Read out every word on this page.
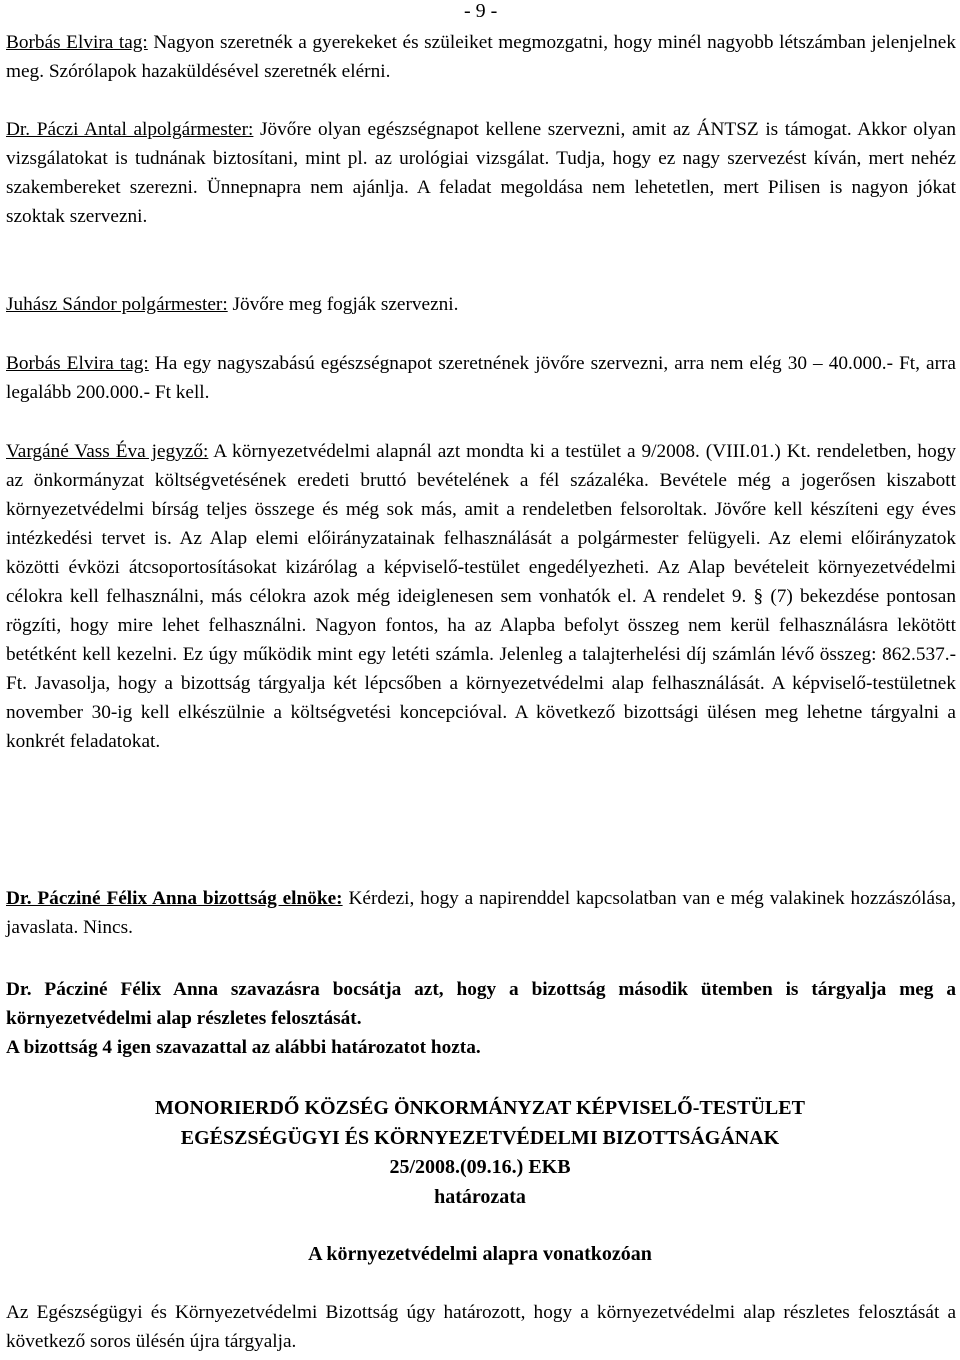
- 9 -

Borbás Elvira tag: Nagyon szeretnék a gyerekeket és szüleiket megmozgatni, hogy minél nagyobb létszámban jelenjelnek meg. Szórólapok hazaküldésével szeretnék elérni.

Dr. Páczi Antal alpolgármester: Jövőre olyan egészségnapot kellene szervezni, amit az ÁNTSZ is támogat. Akkor olyan vizsgálatokat is tudnának biztosítani, mint pl. az urológiai vizsgálat. Tudja, hogy ez nagy szervezést kíván, mert nehéz szakembereket szerezni. Ünnepnapra nem ajánlja. A feladat megoldása nem lehetetlen, mert Pilisen is nagyon jókat szoktak szervezni.

Juhász Sándor polgármester: Jövőre meg fogják szervezni.

Borbás Elvira tag: Ha egy nagyszabású egészségnapot szeretnének jövőre szervezni, arra nem elég 30 – 40.000.- Ft, arra legalább 200.000.- Ft kell.

Vargáné Vass Éva jegyző: A környezetvédelmi alapnál azt mondta ki a testület a 9/2008. (VIII.01.) Kt. rendeletben, hogy az önkormányzat költségvetésének eredeti bruttó bevételének a fél százaléka. Bevétele még a jogerősen kiszabott környezetvédelmi bírság teljes összege és még sok más, amit a rendeletben felsoroltak. Jövőre kell készíteni egy éves intézkedési tervet is. Az Alap elemi előirányzatainak felhasználását a polgármester felügyeli. Az elemi előirányzatok közötti évközi átcsoportosításokat kizárólag a képviselő-testület engedélyezheti. Az Alap bevételeit környezetvédelmi célokra kell felhasználni, más célokra azok még ideiglenesen sem vonhatók el. A rendelet 9. § (7) bekezdése pontosan rögzíti, hogy mire lehet felhasználni. Nagyon fontos, ha az Alapba befolyt összeg nem kerül felhasználásra lekötött betétként kell kezelni. Ez úgy működik mint egy letéti számla. Jelenleg a talajterhelési díj számlán lévő összeg: 862.537.- Ft. Javasolja, hogy a bizottság tárgyalja két lépcsőben a környezetvédelmi alap felhasználását. A képviselő-testületnek november 30-ig kell elkészülnie a költségvetési koncepcióval. A következő bizottsági ülésen meg lehetne tárgyalni a konkrét feladatokat.

Dr. Pácziné Félix Anna bizottság elnöke: Kérdezi, hogy a napirenddel kapcsolatban van e még valakinek hozzászólása, javaslata. Nincs.

Dr. Pácziné Félix Anna szavazásra bocsátja azt, hogy a bizottság második ütemben is tárgyalja meg a környezetvédelmi alap részletes felosztását.

A bizottság 4 igen szavazattal az alábbi határozatot hozta.

MONORIERDŐ KÖZSÉG ÖNKORMÁNYZAT KÉPVISELŐ-TESTÜLET
EGÉSZSÉGÜGYI ÉS KÖRNYEZETVÉDELMI BIZOTTSÁGÁNAK
25/2008.(09.16.) EKB
határozata
A környezetvédelmi alapra vonatkozóan

Az Egészségügyi és Környezetvédelmi Bizottság úgy határozott, hogy a környezetvédelmi alap részletes felosztását a következő soros ülésén újra tárgyalja.
